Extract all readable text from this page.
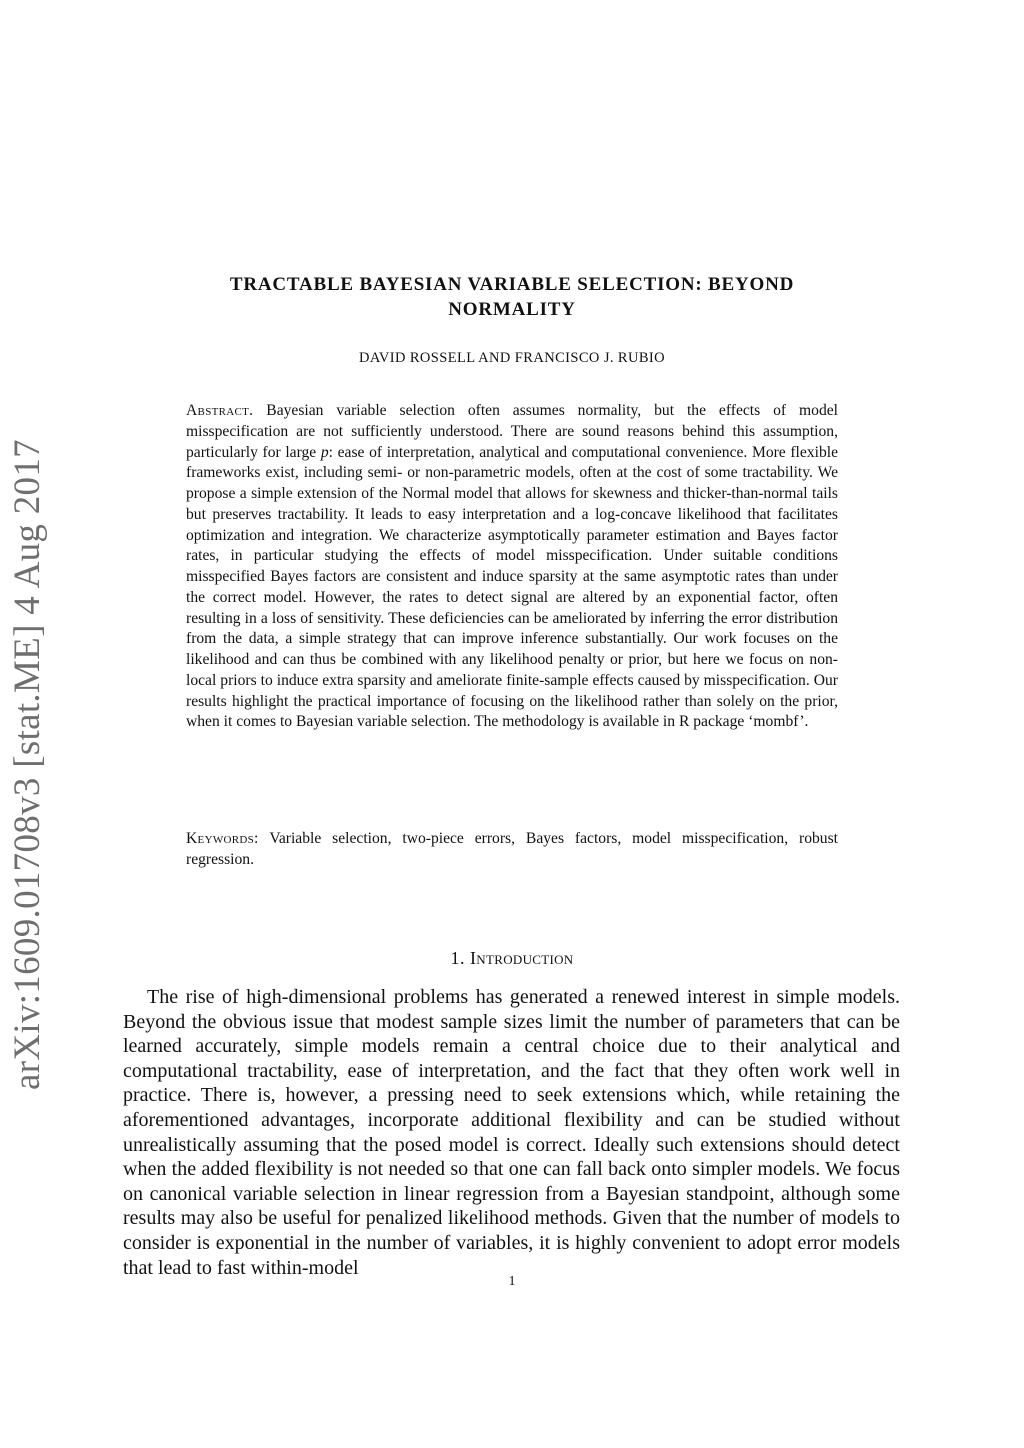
arXiv:1609.01708v3 [stat.ME] 4 Aug 2017
TRACTABLE BAYESIAN VARIABLE SELECTION: BEYOND
NORMALITY
DAVID ROSSELL AND FRANCISCO J. RUBIO
Abstract. Bayesian variable selection often assumes normality, but the effects of model misspecification are not sufficiently understood. There are sound reasons behind this assumption, particularly for large p: ease of interpretation, analytical and computational convenience. More flexible frameworks exist, including semi- or non-parametric models, often at the cost of some tractability. We propose a simple extension of the Normal model that allows for skewness and thicker-than-normal tails but preserves tractability. It leads to easy interpretation and a log-concave likelihood that facilitates optimization and integration. We characterize asymptotically parameter estimation and Bayes factor rates, in particular studying the effects of model misspecification. Under suitable conditions misspecified Bayes factors are consistent and induce sparsity at the same asymptotic rates than under the correct model. However, the rates to detect signal are altered by an exponential factor, often resulting in a loss of sensitivity. These deficiencies can be ameliorated by inferring the error distribution from the data, a simple strategy that can improve inference substantially. Our work focuses on the likelihood and can thus be combined with any likelihood penalty or prior, but here we focus on non-local priors to induce extra sparsity and ameliorate finite-sample effects caused by misspecification. Our results highlight the practical importance of focusing on the likelihood rather than solely on the prior, when it comes to Bayesian variable selection. The methodology is available in R package ‘mombf’.
Keywords: Variable selection, two-piece errors, Bayes factors, model misspecification, robust regression.
1. Introduction

The rise of high-dimensional problems has generated a renewed interest in simple models. Beyond the obvious issue that modest sample sizes limit the number of parameters that can be learned accurately, simple models remain a central choice due to their analytical and computational tractability, ease of interpretation, and the fact that they often work well in practice. There is, however, a pressing need to seek extensions which, while retaining the aforementioned advantages, incorporate additional flexibility and can be studied without unrealistically assuming that the posed model is correct. Ideally such extensions should detect when the added flexibility is not needed so that one can fall back onto simpler models. We focus on canonical variable selection in linear regression from a Bayesian standpoint, although some results may also be useful for penalized likelihood methods. Given that the number of models to consider is exponential in the number of variables, it is highly convenient to adopt error models that lead to fast within-model

1
